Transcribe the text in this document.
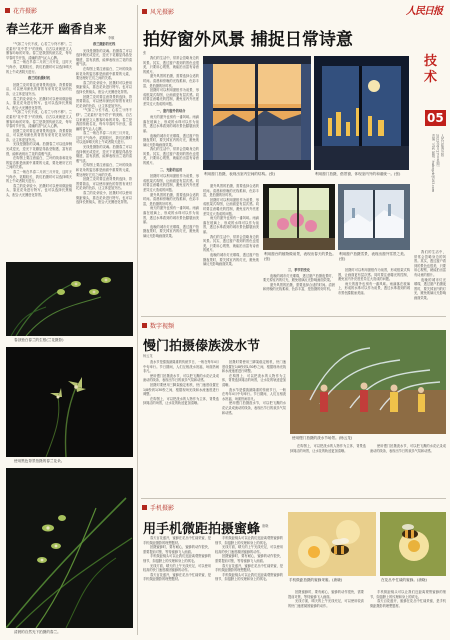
人民日报
技术
05
人民日报海外版
2022年6月27日 星期一
责编：苏莉 邮箱：hwbxgzb@163.com
花卉摄影
春兰花开 幽香自来
李顺

"气如兰兮长不改，心若兰兮终不移"。兰花素有"花中君子"的美称，自古以来就是文人墨客吟咏的对象。春兰是我国传统名花，每年早春时节开放，清幽的香气沁人心脾。

春兰一般在早春二月到三月开花，这时天气尚冷，花期较长，我们拍摄时可以选择晴天的上午或者阴天进行。

春兰的拍摄时机

拍摄兰花时要注意背景的选择，背景要简洁，可以使用深色的背景布来衬托花朵的色彩，让主体更加突出。

春兰的花朵较小，拍摄时可以使用微距镜头，靠近花朵进行特写。也可以选择长焦镜头，配合大光圈虚化背景。

"气如兰兮长不改，心若兰兮终不移"。兰花素有"花中君子"的美称，自古以来就是文人墨客吟咏的对象。春兰是我国传统名花，每年早春时节开放，清幽的香气沁人心脾。

拍摄兰花时要注意背景的选择，背景要简洁，可以使用深色的背景布来衬托花朵的色彩，让主体更加突出。

光线是摄影的灵魂。拍摄春兰可以选择侧光或逆光，逆光下花瓣显得晶莹剔透，富有质感，能够表现出兰花的清雅气质。

在构图上要注意留白，兰叶的线条和花朵的姿态都是画面中重要的元素，要处理好它们之间的关系。

春兰一般在早春二月到三月开花，这时天气尚冷，花期较长，我们拍摄时可以选择晴天的上午或者阴天进行。

春兰的花朵较小，拍摄时可以使用微距镜头，靠近花朵进行特写。也可以选择长焦镜头，配合大光圈虚化背景。

春兰摄影的光线

光线是摄影的灵魂。拍摄春兰可以选择侧光或逆光，逆光下花瓣显得晶莹剔透，富有质感，能够表现出兰花的清雅气质。

在构图上要注意留白，兰叶的线条和花朵的姿态都是画面中重要的元素，要处理好它们之间的关系。

春兰的花朵较小，拍摄时可以使用微距镜头，靠近花朵进行特写。也可以选择长焦镜头，配合大光圈虚化背景。

拍摄兰花时要注意背景的选择，背景要简洁，可以使用深色的背景布来衬托花朵的色彩，让主体更加突出。

"气如兰兮长不改，心若兰兮终不移"。兰花素有"花中君子"的美称，自古以来就是文人墨客吟咏的对象。春兰是我国传统名花，每年早春时节开放，清幽的香气沁人心脾。

春兰一般在早春二月到三月开花，这时天气尚冷，花期较长，我们拍摄时可以选择晴天的上午或者阴天进行。

光线是摄影的灵魂。拍摄春兰可以选择侧光或逆光，逆光下花瓣显得晶莹剔透，富有质感，能够表现出兰花的清雅气质。

在构图上要注意留白，兰叶的线条和花朵的姿态都是画面中重要的元素，要处理好它们之间的关系。

拍摄兰花时要注意背景的选择，背景要简洁，可以使用深色的背景布来衬托花朵的色彩，让主体更加突出。

春兰的花朵较小，拍摄时可以使用微距镜头，靠近花朵进行特写。也可以选择长焦镜头，配合大光圈虚化背景。

春剑独白春兰的生根(兰花摄影)
使用黑色背景拍摄的春兰花朵。
清晨的自然光下拍摄的春兰。
风光摄影
拍好窗外风景 捕捉日常诗意
张

我们的生活中，常常会忽略身边的风景。其实，透过窗户看到的景色也很美，只要用心观察，就能拍出富有诗意的照片。

窗外风景的拍摄，需要选择合适的时间。清晨和傍晚的光线柔和，色彩丰富，是拍摄的好时机。

拍摄时可以利用窗框作为前景，形成框架式构图，让画面更有层次感。同时要注意曝光的控制，避免室内外亮度差异过大造成的问题。

一、窗内窗外的结合

雨天的窗外也别有一番风味。雨滴落在玻璃上，形成的水珠可以作为前景，透过水珠看到的城市景色朦胧而美丽。

夜晚的城市灯光璀璨，透过窗户拍摄夜景时，要关掉室内的灯光，避免玻璃反光影响画面效果。

我们的生活中，常常会忽略身边的风景。其实，透过窗户看到的景色也很美，只要用心观察，就能拍出富有诗意的照片。

二、光影的运用

拍摄时可以利用窗框作为前景，形成框架式构图，让画面更有层次感。同时要注意曝光的控制，避免室内外亮度差异过大造成的问题。

窗外风景的拍摄，需要选择合适的时间。清晨和傍晚的光线柔和，色彩丰富，是拍摄的好时机。

雨天的窗外也别有一番风味。雨滴落在玻璃上，形成的水珠可以作为前景，透过水珠看到的城市景色朦胧而美丽。

夜晚的城市灯光璀璨，透过窗户拍摄夜景时，要关掉室内的灯光，避免玻璃反光影响画面效果。

利用窗门拍摄，表现出室内空间的结构。(张)	利用窗门拍摄，借景窗，体现室内外的和谐统一。(张)

窗外风景的拍摄，需要选择合适的时间。清晨和傍晚的光线柔和，色彩丰富，是拍摄的好时机。

拍摄时可以利用窗框作为前景，形成框架式构图，让画面更有层次感。同时要注意曝光的控制，避免室内外亮度差异过大造成的问题。

雨天的窗外也别有一番风味。雨滴落在玻璃上，形成的水珠可以作为前景，透过水珠看到的城市景色朦胧而美丽。

我们的生活中，常常会忽略身边的风景。其实，透过窗户看到的景色也很美，只要用心观察，就能拍出富有诗意的照片。

夜晚的城市灯光璀璨，透过窗户拍摄夜景时，要关掉室内的灯光，避免玻璃反光影响画面效果。

利用窗台的植物做前景，表现出春天的景色。(张)
利用窗户拍摄雪景，表现出窗外雪景之美。(张)
三、季节的变化

夜晚的城市灯光璀璨，透过窗户拍摄夜景时，要关掉室内的灯光，避免玻璃反光影响画面效果。

窗外风景的拍摄，需要选择合适的时间。清晨和傍晚的光线柔和，色彩丰富，是拍摄的好时机。

拍摄时可以利用窗框作为前景，形成框架式构图，让画面更有层次感。同时要注意曝光的控制，避免室内外亮度差异过大造成的问题。

雨天的窗外也别有一番风味。雨滴落在玻璃上，形成的水珠可以作为前景，透过水珠看到的城市景色朦胧而美丽。

我们的生活中，常常会忽略身边的风景。其实，透过窗户看到的景色也很美，只要用心观察，就能拍出富有诗意的照片。

夜晚的城市灯光璀璨，透过窗户拍摄夜景时，要关掉室内的灯光，避免玻璃反光影响画面效果。

数字视频
慢门拍摄傣族泼水节
杨云龙

泼水节是傣族最隆重的传统节日，一般在每年4月中旬举行。节日期间，人们互相泼水祝福，场面热闹非凡。

使用慢门拍摄泼水节，可以把飞溅的水花记录成流动的线条，表现出节日的欢乐气氛和动感。

拍摄时要使用三脚架稳定相机，快门速度设置在1/8秒到1/30秒之间，根据现场光线和水流速度进行调整。

在构图上，可以把泼水的人物作为主体，背景选择简洁的场景，让水花的轨迹更加清晰。

拍摄时要使用三脚架稳定相机，快门速度设置在1/8秒到1/30秒之间，根据现场光线和水流速度进行调整。

在构图上，可以把泼水的人物作为主体，背景选择简洁的场景，让水花的轨迹更加清晰。

泼水节是傣族最隆重的传统节日，一般在每年4月中旬举行。节日期间，人们互相泼水祝福，场面热闹非凡。

使用慢门拍摄泼水节，可以把飞溅的水花记录成流动的线条，表现出节日的欢乐气氛和动感。

使用慢门拍摄的泼水节场景。(杨云龙)

在构图上，可以把泼水的人物作为主体，背景选择简洁的场景，让水花的轨迹更加清晰。

使用慢门拍摄泼水节，可以把飞溅的水花记录成流动的线条，表现出节日的欢乐气氛和动感。

手机摄影
用手机微距拍摄蜜蜂 唐晓

春天百花盛开，蜜蜂在花丛中忙碌采蜜，是手机微距摄影的理想题材。

拍摄蜜蜂时，要有耐心，蜜蜂的动作很快，需要提前对焦，等待蜜蜂飞入画面。

手机微距镜头可以让我们近距离观察蜜蜂的细节，如翅膀上的纹理和身上的绒毛。

光线方面，晴天的上午光线充足，可以使用较高的快门速度凝固蜜蜂的动作。

春天百花盛开，蜜蜂在花丛中忙碌采蜜，是手机微距摄影的理想题材。

手机微距镜头可以让我们近距离观察蜜蜂的细节，如翅膀上的纹理和身上的绒毛。

光线方面，晴天的上午光线充足，可以使用较高的快门速度凝固蜜蜂的动作。

拍摄蜜蜂时，要有耐心，蜜蜂的动作很快，需要提前对焦，等待蜜蜂飞入画面。

春天百花盛开，蜜蜂在花丛中忙碌采蜜，是手机微距摄影的理想题材。

手机微距镜头可以让我们近距离观察蜜蜂的细节，如翅膀上的纹理和身上的绒毛。	手机微距拍摄的蜜蜂采蜜。(唐晓)	在花丛中忙碌的蜜蜂。(唐晓)

拍摄蜜蜂时，要有耐心，蜜蜂的动作很快，需要提前对焦，等待蜜蜂飞入画面。

光线方面，晴天的上午光线充足，可以使用较高的快门速度凝固蜜蜂的动作。

手机微距镜头可以让我们近距离观察蜜蜂的细节，如翅膀上的纹理和身上的绒毛。

春天百花盛开，蜜蜂在花丛中忙碌采蜜，是手机微距摄影的理想题材。
